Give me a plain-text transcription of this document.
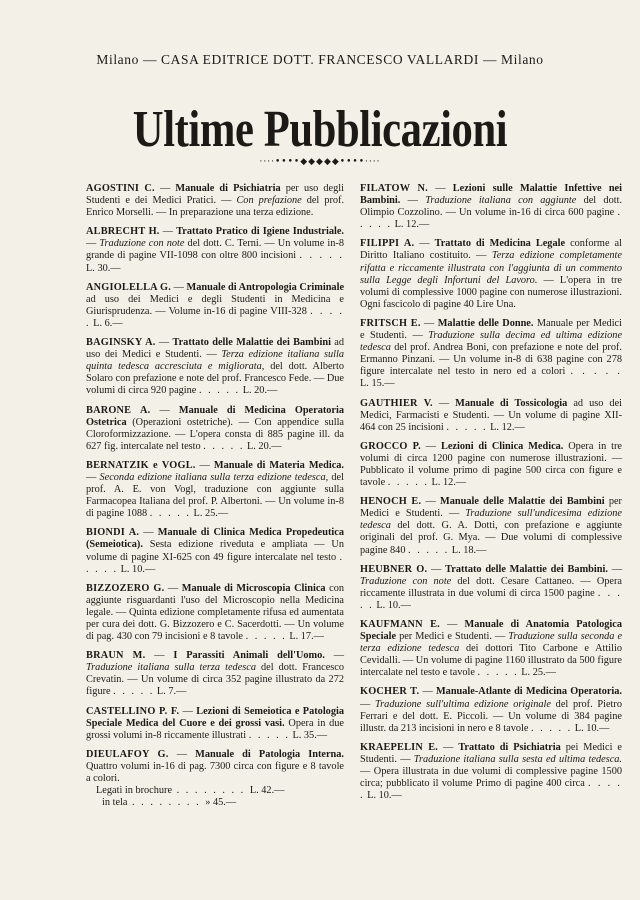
Milano — CASA EDITRICE DOTT. FRANCESCO VALLARDI — Milano
Ultime Pubblicazioni
····••••◆◆◆◆◆••••····

AGOSTINI C. — Manuale di Psichiatria per uso degli Studenti e dei Medici Pratici. — Con prefazione del prof. Enrico Morselli. — In preparazione una terza edizione.

ALBRECHT H. — Trattato Pratico di Igiene Industriale. — Traduzione con note del dott. C. Terni. — Un volume in-8 grande di pagine VII-1098 con oltre 800 incisioni . . . . . L. 30.—

ANGIOLELLA G. — Manuale di Antropologia Criminale ad uso dei Medici e degli Studenti in Medicina e Giurisprudenza. — Volume in-16 di pagine VIII-328 . . . . . L. 6.—

BAGINSKY A. — Trattato delle Malattie dei Bambini ad uso dei Medici e Studenti. — Terza edizione italiana sulla quinta tedesca accresciuta e migliorata, del dott. Alberto Solaro con prefazione e note del prof. Francesco Fede. — Due volumi di circa 920 pagine . . . . . L. 20.—

BARONE A. — Manuale di Medicina Operatoria Ostetrica (Operazioni ostetriche). — Con appendice sulla Cloroformizzazione. — L'opera consta di 885 pagine ill. da 627 fig. intercalate nel testo . . . . . L. 20.—

BERNATZIK e VOGL. — Manuale di Materia Medica. — Seconda edizione italiana sulla terza edizione tedesca, del prof. A. E. von Vogl, traduzione con aggiunte sulla Farmacopea Italiana del prof. P. Albertoni. — Un volume in-8 di pagine 1088 . . . . . L. 25.—

BIONDI A. — Manuale di Clinica Medica Propedeutica (Semeiotica). Sesta edizione riveduta e ampliata — Un volume di pagine XI-625 con 49 figure intercalate nel testo . . . . . L. 10.—

BIZZOZERO G. — Manuale di Microscopia Clinica con aggiunte risguardanti l'uso del Microscopio nella Medicina legale. — Quinta edizione completamente rifusa ed aumentata per cura dei dott. G. Bizzozero e C. Sacerdotti. — Un volume di pag. 430 con 79 incisioni e 8 tavole . . . . . L. 17.—

BRAUN M. — I Parassiti Animali dell'Uomo. — Traduzione italiana sulla terza tedesca del dott. Francesco Crevatin. — Un volume di circa 352 pagine illustrato da 272 figure . . . . . L. 7.—

CASTELLINO P. F. — Lezioni di Semeiotica e Patologia Speciale Medica del Cuore e dei grossi vasi. Opera in due grossi volumi in-8 riccamente illustrati . . . . . L. 35.—

DIEULAFOY G. — Manuale di Patologia Interna. Quattro volumi in-16 di pag. 7300 circa con figure e 8 tavole a colori.
Legati in brochure . . . . . . . . L. 42.—
in tela . . . . . . . . » 45.—

FILATOW N. — Lezioni sulle Malattie Infettive nei Bambini. — Traduzione italiana con aggiunte del dott. Olimpio Cozzolino. — Un volume in-16 di circa 600 pagine . . . . . L. 12.—

FILIPPI A. — Trattato di Medicina Legale conforme al Diritto Italiano costituito. — Terza edizione completamente rifatta e riccamente illustrata con l'aggiunta di un commento sulla Legge degli Infortuni del Lavoro. — L'opera in tre volumi di complessive 1000 pagine con numerose illustrazioni. Ogni fascicolo di pagine 40 Lire Una.

FRITSCH E. — Malattie delle Donne. Manuale per Medici e Studenti. — Traduzione sulla decima ed ultima edizione tedesca del prof. Andrea Boni, con prefazione e note del prof. Ermanno Pinzani. — Un volume in-8 di 638 pagine con 278 figure intercalate nel testo in nero ed a colori . . . . . L. 15.—

GAUTHIER V. — Manuale di Tossicologia ad uso dei Medici, Farmacisti e Studenti. — Un volume di pagine XII-464 con 25 incisioni . . . . . L. 12.—

GROCCO P. — Lezioni di Clinica Medica. Opera in tre volumi di circa 1200 pagine con numerose illustrazioni. — Pubblicato il volume primo di pagine 500 circa con figure e tavole . . . . . L. 12.—

HENOCH E. — Manuale delle Malattie dei Bambini per Medici e Studenti. — Traduzione sull'undicesima edizione tedesca del dott. G. A. Dotti, con prefazione e aggiunte originali del prof. G. Mya. — Due volumi di complessive pagine 840 . . . . . L. 18.—

HEUBNER O. — Trattato delle Malattie dei Bambini. — Traduzione con note del dott. Cesare Cattaneo. — Opera riccamente illustrata in due volumi di circa 1500 pagine . . . . . L. 10.—

KAUFMANN E. — Manuale di Anatomia Patologica Speciale per Medici e Studenti. — Traduzione sulla seconda e terza edizione tedesca dei dottori Tito Carbone e Attilio Cevidalli. — Un volume di pagine 1160 illustrato da 500 figure intercalate nel testo e tavole . . . . . L. 25.—

KOCHER T. — Manuale-Atlante di Medicina Operatoria. — Traduzione sull'ultima edizione originale del prof. Pietro Ferrari e del dott. E. Piccoli. — Un volume di 384 pagine illustr. da 213 incisioni in nero e 8 tavole . . . . . L. 10.—

KRAEPELIN E. — Trattato di Psichiatria pei Medici e Studenti. — Traduzione italiana sulla sesta ed ultima tedesca. — Opera illustrata in due volumi di complessive pagine 1500 circa; pubblicato il volume Primo di pagine 400 circa . . . . . L. 10.—
